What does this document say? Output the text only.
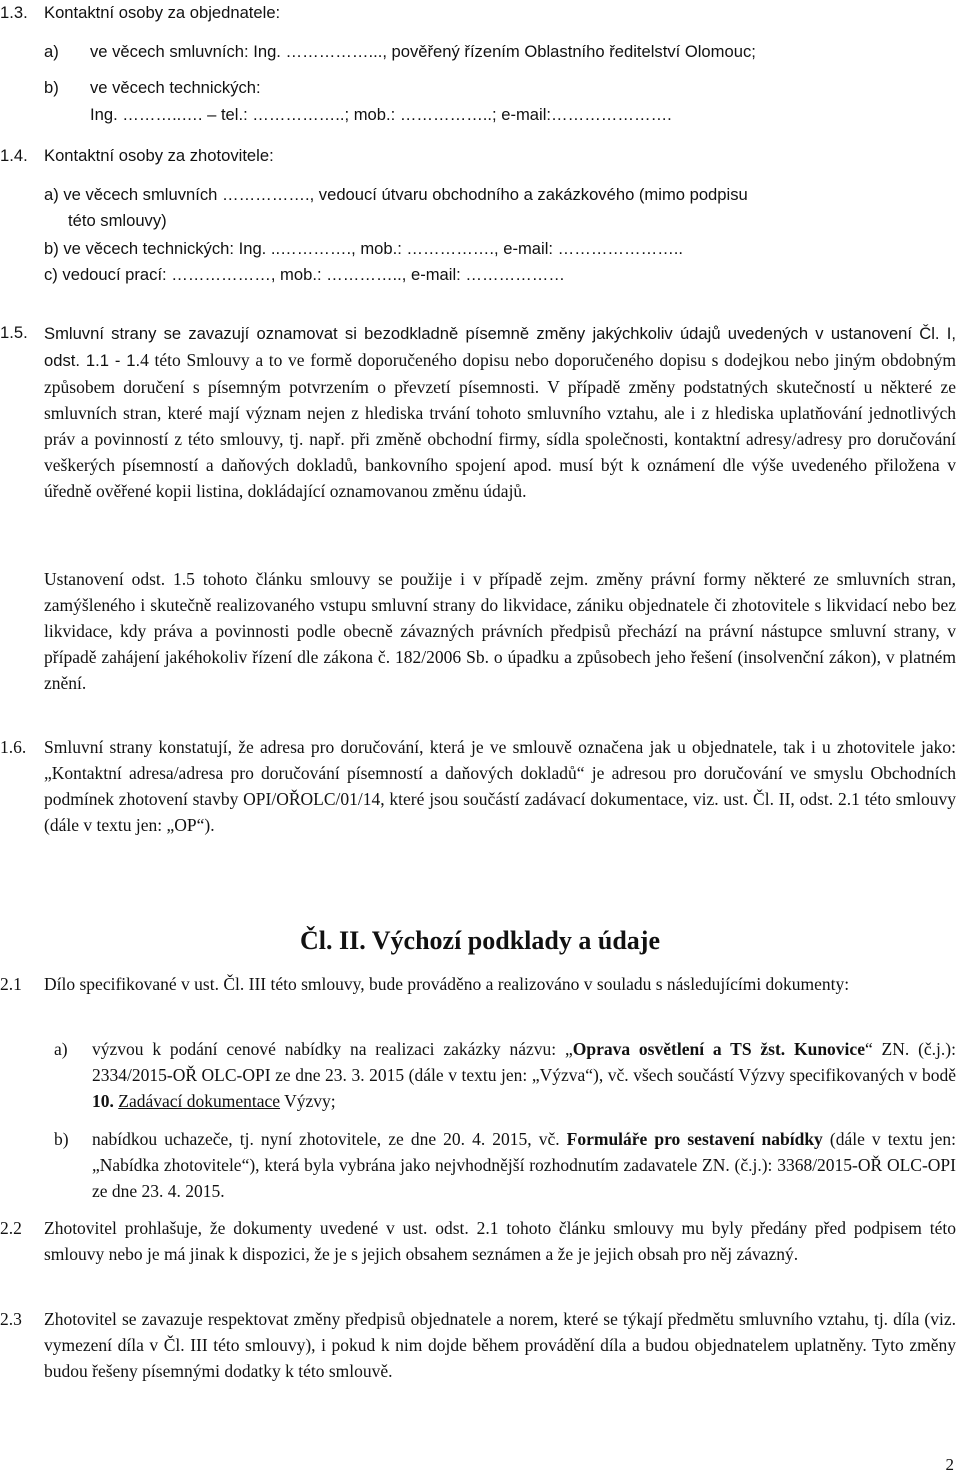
1.3. Kontaktní osoby za objednatele:
a) ve věcech smluvních: Ing. ……………..., pověřený řízením Oblastního ředitelství Olomouc;
b) ve věcech technických:
Ing. ………..…. – tel.: ……………..; mob.: ……………..; e-mail:………………….
1.4. Kontaktní osoby za zhotovitele:
a) ve věcech smluvních ……………., vedoucí útvaru obchodního a zakázkového (mimo podpisu
této smlouvy)
b) ve věcech technických: Ing. ..…………., mob.: ……………., e-mail: …………………..
c) vedoucí prací: ………………, mob.: ………….., e-mail: ………………
1.5. Smluvní strany se zavazují oznamovat si bezodkladně písemně změny jakýchkoliv údajů uvedených v ustanovení Čl. I, odst. 1.1 - 1.4 této Smlouvy a to ve formě doporučeného dopisu nebo doporučeného dopisu s dodejkou nebo jiným obdobným způsobem doručení s písemným potvrzením o převzetí písemnosti. V případě změny podstatných skutečností u některé ze smluvních stran, které mají význam nejen z hlediska trvání tohoto smluvního vztahu, ale i z hlediska uplatňování jednotlivých práv a povinností z této smlouvy, tj. např. při změně obchodní firmy, sídla společnosti, kontaktní adresy/adresy pro doručování veškerých písemností a daňových dokladů, bankovního spojení apod. musí být k oznámení dle výše uvedeného přiložena v úředně ověřené kopii listina, dokládající oznamovanou změnu údajů.
Ustanovení odst. 1.5 tohoto článku smlouvy se použije i v případě zejm. změny právní formy některé ze smluvních stran, zamýšleného i skutečně realizovaného vstupu smluvní strany do likvidace, zániku objednatele či zhotovitele s likvidací nebo bez likvidace, kdy práva a povinnosti podle obecně závazných právních předpisů přechází na právní nástupce smluvní strany, v případě zahájení jakéhokoliv řízení dle zákona č. 182/2006 Sb. o úpadku a způsobech jeho řešení (insolvenční zákon), v platném znění.
1.6. Smluvní strany konstatují, že adresa pro doručování, která je ve smlouvě označena jak u objednatele, tak i u zhotovitele jako: „Kontaktní adresa/adresa pro doručování písemností a daňových dokladů“ je adresou pro doručování ve smyslu Obchodních podmínek zhotovení stavby OPI/OŘOLC/01/14, které jsou součástí zadávací dokumentace, viz. ust. Čl. II, odst. 2.1 této smlouvy (dále v textu jen: „OP“).
Čl. II. Výchozí podklady a údaje
2.1 Dílo specifikované v ust. Čl. III této smlouvy, bude prováděno a realizováno v souladu s následujícími dokumenty:
a) výzvou k podání cenové nabídky na realizaci zakázky názvu: „Oprava osvětlení a TS žst. Kunovice“ ZN. (č.j.): 2334/2015-OŘ OLC-OPI ze dne 23. 3. 2015 (dále v textu jen: „Výzva“), vč. všech součástí Výzvy specifikovaných v bodě 10. Zadávací dokumentace Výzvy;
b) nabídkou uchazeče, tj. nyní zhotovitele, ze dne 20. 4. 2015, vč. Formuláře pro sestavení nabídky (dále v textu jen: „Nabídka zhotovitele“), která byla vybrána jako nejvhodnější rozhodnutím zadavatele ZN. (č.j.): 3368/2015-OŘ OLC-OPI ze dne 23. 4. 2015.
2.2 Zhotovitel prohlašuje, že dokumenty uvedené v ust. odst. 2.1 tohoto článku smlouvy mu byly předány před podpisem této smlouvy nebo je má jinak k dispozici, že je s jejich obsahem seznámen a že je jejich obsah pro něj závazný.
2.3 Zhotovitel se zavazuje respektovat změny předpisů objednatele a norem, které se týkají předmětu smluvního vztahu, tj. díla (viz. vymezení díla v Čl. III této smlouvy), i pokud k nim dojde během provádění díla a budou objednatelem uplatněny. Tyto změny budou řešeny písemnými dodatky k této smlouvě.
2
